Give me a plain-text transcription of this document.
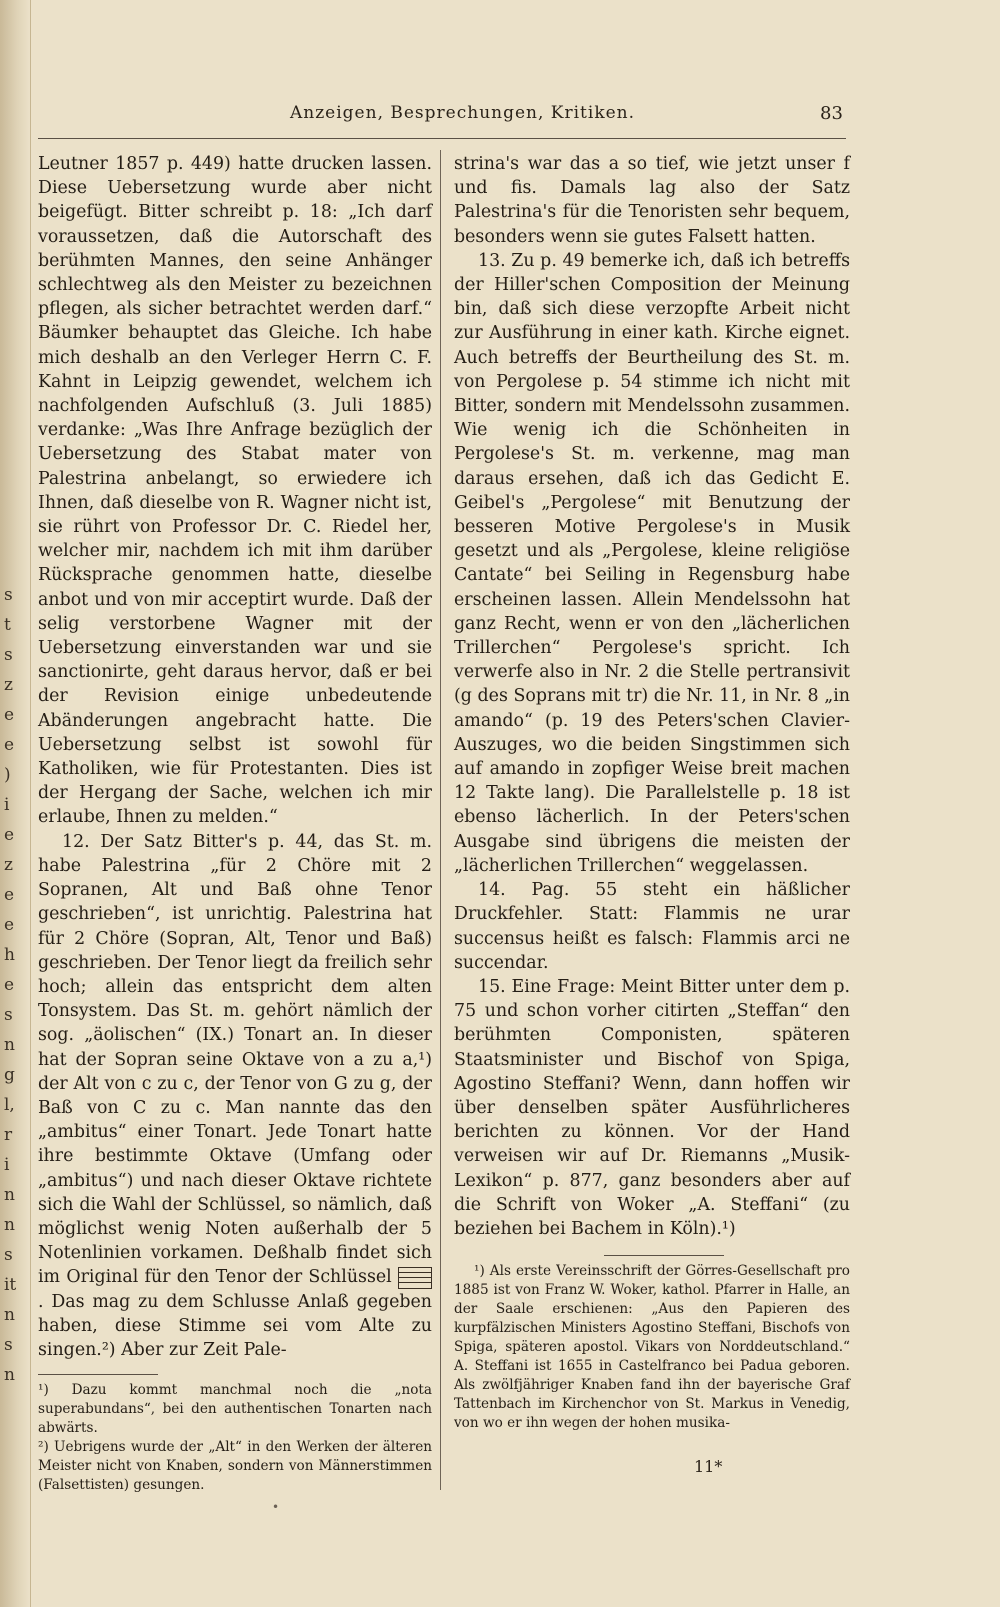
s
t
s
z
e
e
)
i
e
z
e
e
h
e
s
n
g
l,
r
i
n
n
s
it
n
s
n
Anzeigen, Besprechungen, Kritiken.	83

Leutner 1857 p. 449) hatte drucken lassen. Diese Uebersetzung wurde aber nicht beigefügt. Bitter schreibt p. 18: „Ich darf voraussetzen, daß die Autorschaft des berühmten Mannes, den seine Anhänger schlechtweg als den Meister zu bezeichnen pflegen, als sicher betrachtet werden darf.“ Bäumker behauptet das Gleiche. Ich habe mich deshalb an den Verleger Herrn C. F. Kahnt in Leipzig gewendet, welchem ich nachfolgenden Aufschluß (3. Juli 1885) verdanke: „Was Ihre Anfrage bezüglich der Uebersetzung des Stabat mater von Palestrina anbelangt, so erwiedere ich Ihnen, daß dieselbe von R. Wagner nicht ist, sie rührt von Professor Dr. C. Riedel her, welcher mir, nachdem ich mit ihm darüber Rücksprache genommen hatte, dieselbe anbot und von mir acceptirt wurde. Daß der selig verstorbene Wagner mit der Uebersetzung einverstanden war und sie sanctionirte, geht daraus hervor, daß er bei der Revision einige unbedeutende Abänderungen angebracht hatte. Die Uebersetzung selbst ist sowohl für Katholiken, wie für Protestanten. Dies ist der Hergang der Sache, welchen ich mir erlaube, Ihnen zu melden.“

12. Der Satz Bitter's p. 44, das St. m. habe Palestrina „für 2 Chöre mit 2 Sopranen, Alt und Baß ohne Tenor geschrieben“, ist unrichtig. Palestrina hat für 2 Chöre (Sopran, Alt, Tenor und Baß) geschrieben. Der Tenor liegt da freilich sehr hoch; allein das entspricht dem alten Tonsystem. Das St. m. gehört nämlich der sog. „äolischen“ (IX.) Tonart an. In dieser hat der Sopran seine Oktave von a zu a,¹) der Alt von c zu c, der Tenor von G zu g, der Baß von C zu c. Man nannte das den „ambitus“ einer Tonart. Jede Tonart hatte ihre bestimmte Oktave (Umfang oder „ambitus“) und nach dieser Oktave richtete sich die Wahl der Schlüssel, so nämlich, daß möglichst wenig Noten außerhalb der 5 Notenlinien vorkamen. Deßhalb findet sich im Original für den Tenor der Schlüssel
. Das mag zu dem Schlusse Anlaß gegeben haben, diese Stimme sei vom Alte zu singen.²) Aber zur Zeit Pale-

¹) Dazu kommt manchmal noch die „nota superabundans“, bei den authentischen Tonarten nach abwärts.

²) Uebrigens wurde der „Alt“ in den Werken der älteren Meister nicht von Knaben, sondern von Männerstimmen (Falsettisten) gesungen.

strina's war das a so tief, wie jetzt unser f und fis. Damals lag also der Satz Palestrina's für die Tenoristen sehr bequem, besonders wenn sie gutes Falsett hatten.

13. Zu p. 49 bemerke ich, daß ich betreffs der Hiller'schen Composition der Meinung bin, daß sich diese verzopfte Arbeit nicht zur Ausführung in einer kath. Kirche eignet. Auch betreffs der Beurtheilung des St. m. von Pergolese p. 54 stimme ich nicht mit Bitter, sondern mit Mendelssohn zusammen. Wie wenig ich die Schönheiten in Pergolese's St. m. verkenne, mag man daraus ersehen, daß ich das Gedicht E. Geibel's „Pergolese“ mit Benutzung der besseren Motive Pergolese's in Musik gesetzt und als „Pergolese, kleine religiöse Cantate“ bei Seiling in Regensburg habe erscheinen lassen. Allein Mendelssohn hat ganz Recht, wenn er von den „lächerlichen Trillerchen“ Pergolese's spricht. Ich verwerfe also in Nr. 2 die Stelle pertransivit (g des Soprans mit tr) die Nr. 11, in Nr. 8 „in amando“ (p. 19 des Peters'schen Clavier-Auszuges, wo die beiden Singstimmen sich auf amando in zopfiger Weise breit machen 12 Takte lang). Die Parallelstelle p. 18 ist ebenso lächerlich. In der Peters'schen Ausgabe sind übrigens die meisten der „lächerlichen Trillerchen“ weggelassen.

14. Pag. 55 steht ein häßlicher Druckfehler. Statt: Flammis ne urar succensus heißt es falsch: Flammis arci ne succendar.

15. Eine Frage: Meint Bitter unter dem p. 75 und schon vorher citirten „Steffan“ den berühmten Componisten, späteren Staatsminister und Bischof von Spiga, Agostino Steffani? Wenn, dann hoffen wir über denselben später Ausführlicheres berichten zu können. Vor der Hand verweisen wir auf Dr. Riemanns „Musik-Lexikon“ p. 877, ganz besonders aber auf die Schrift von Woker „A. Steffani“ (zu beziehen bei Bachem in Köln).¹)

¹) Als erste Vereinsschrift der Görres-Gesellschaft pro 1885 ist von Franz W. Woker, kathol. Pfarrer in Halle, an der Saale erschienen: „Aus den Papieren des kurpfälzischen Ministers Agostino Steffani, Bischofs von Spiga, späteren apostol. Vikars von Norddeutschland.“ A. Steffani ist 1655 in Castelfranco bei Padua geboren. Als zwölfjähriger Knaben fand ihn der bayerische Graf Tattenbach im Kirchenchor von St. Markus in Venedig, von wo er ihn wegen der hohen musika-

11*
•
